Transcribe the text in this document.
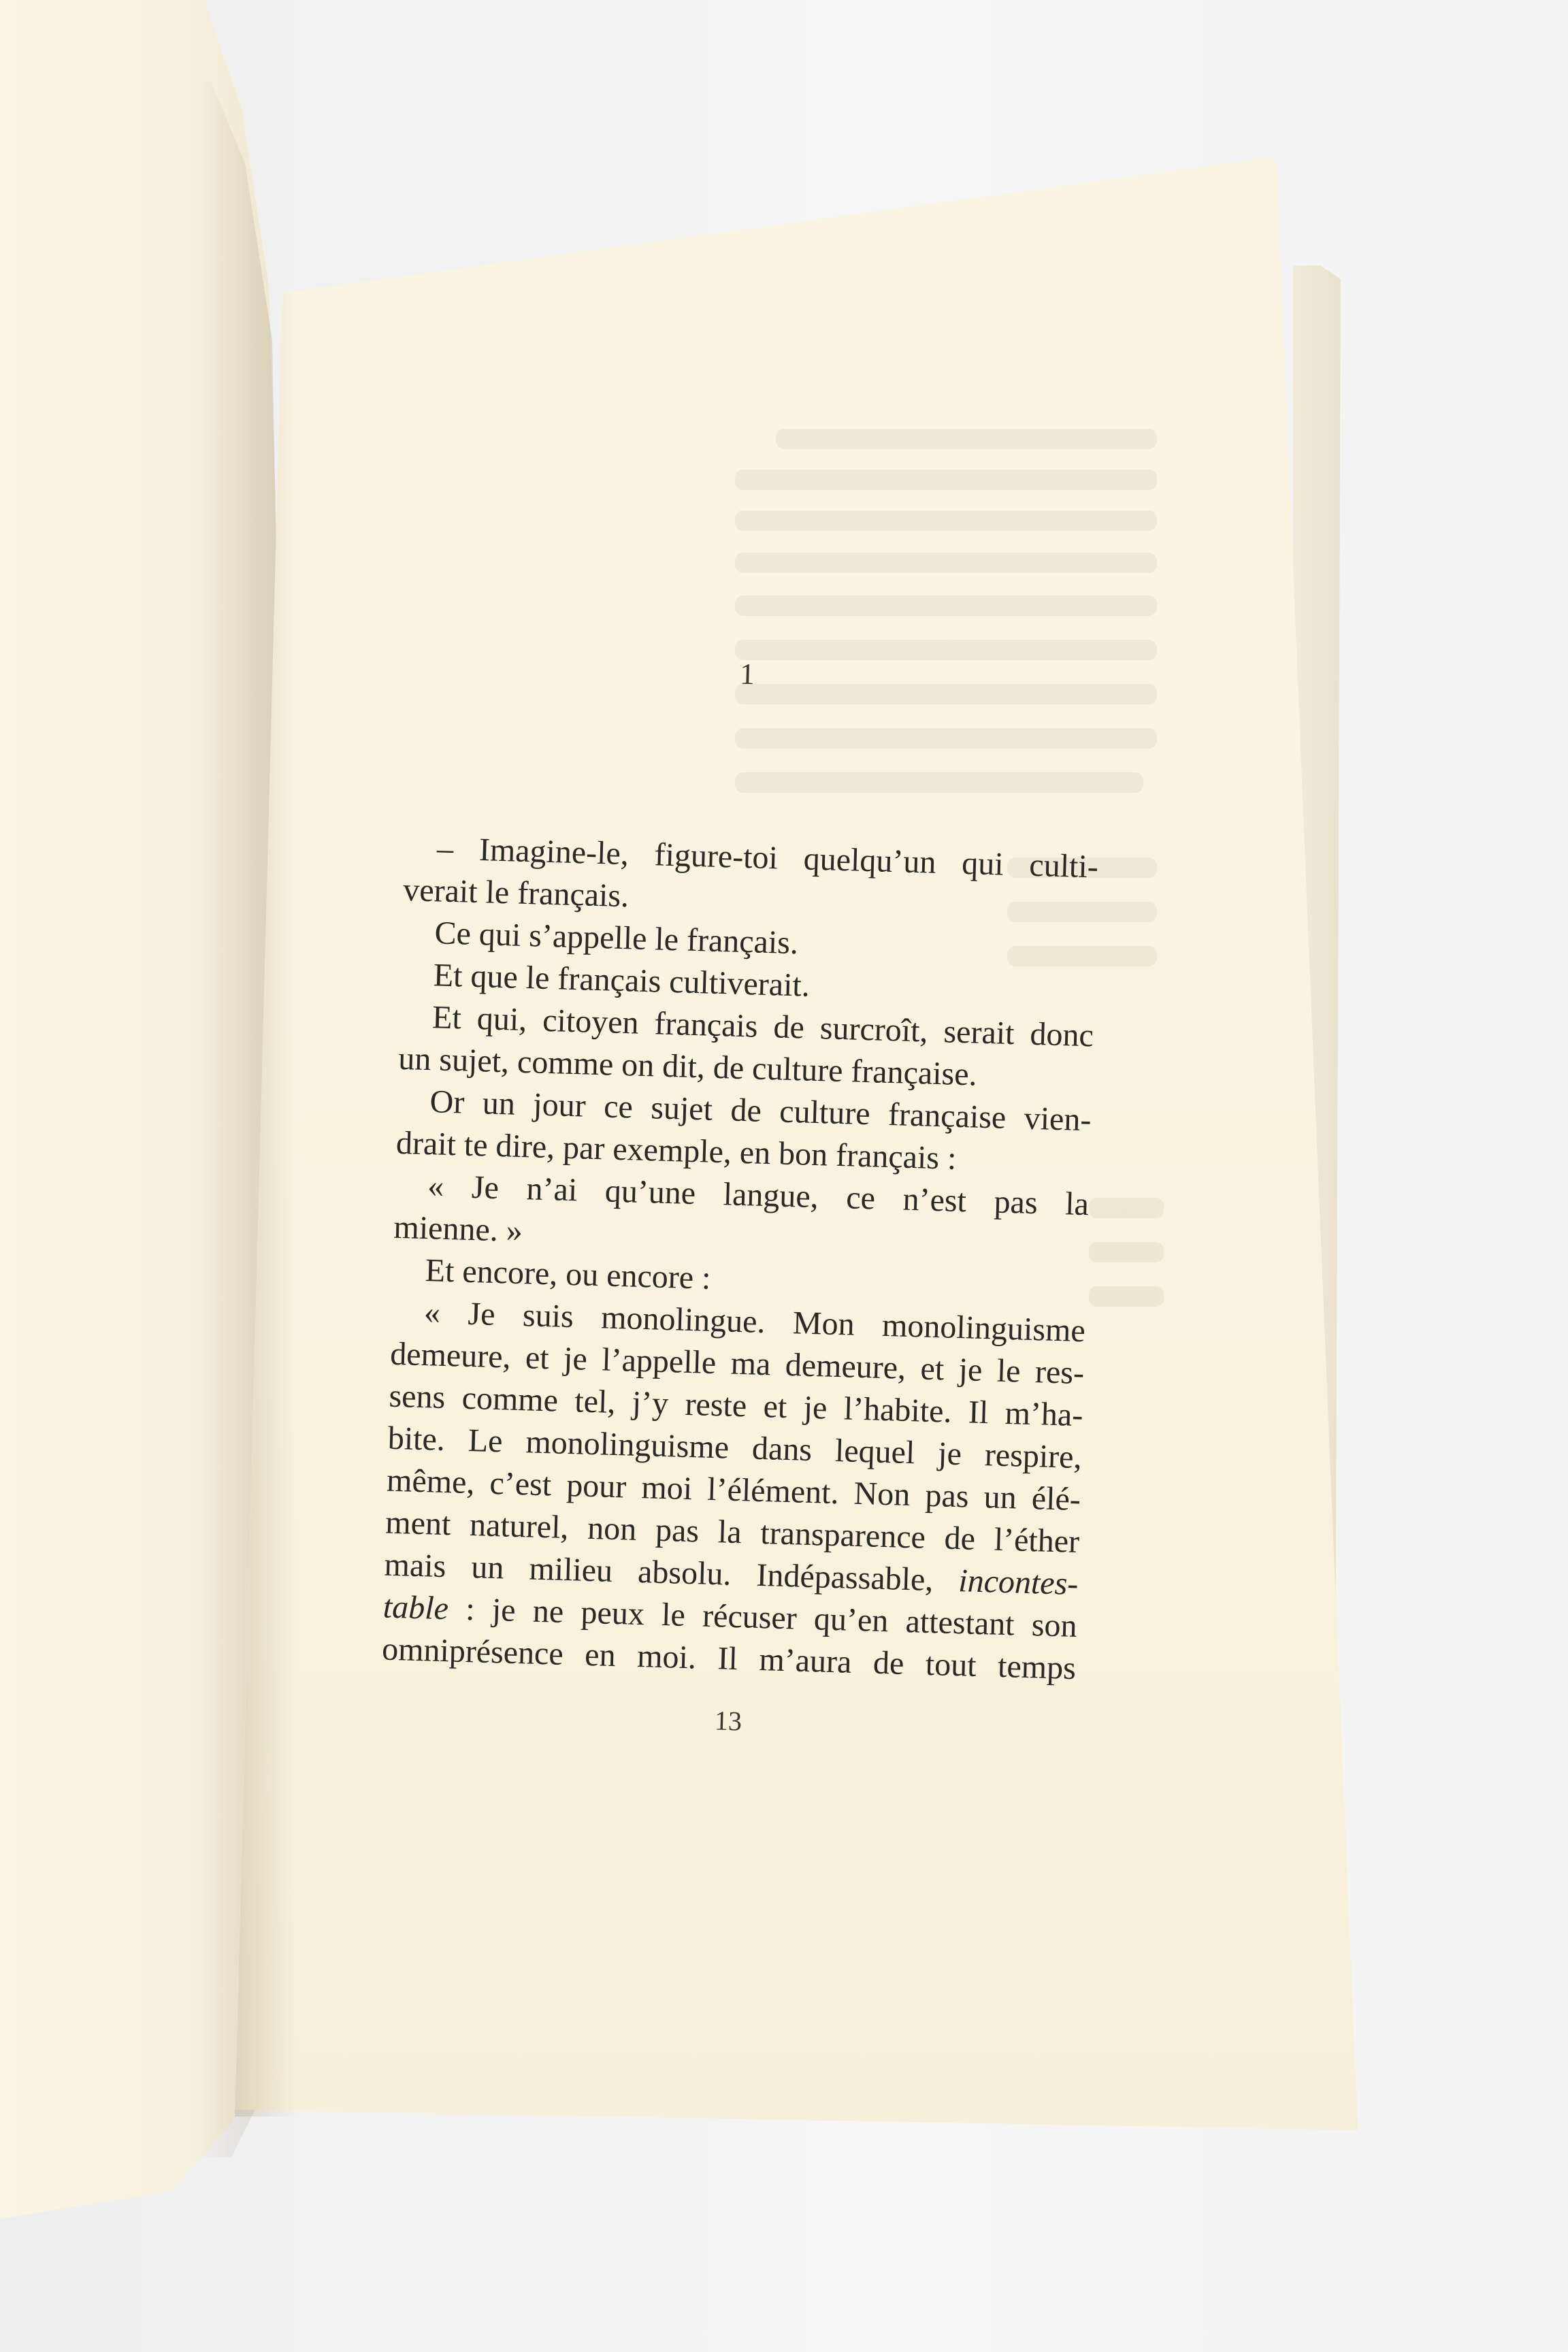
1
– Imagine-le, figure-toi quelqu’un qui culti-
verait le français.
Ce qui s’appelle le français.
Et que le français cultiverait.
Et qui, citoyen français de surcroît, serait donc
un sujet, comme on dit, de culture française.
Or un jour ce sujet de culture française vien-
drait te dire, par exemple, en bon français :
« Je n’ai qu’une langue, ce n’est pas la
mienne. »
Et encore, ou encore :
« Je suis monolingue. Mon monolinguisme
demeure, et je l’appelle ma demeure, et je le res-
sens comme tel, j’y reste et je l’habite. Il m’ha-
bite. Le monolinguisme dans lequel je respire,
même, c’est pour moi l’élément. Non pas un élé-
ment naturel, non pas la transparence de l’éther
mais un milieu absolu. Indépassable, incontes-
table : je ne peux le récuser qu’en attestant son
omniprésence en moi. Il m’aura de tout temps
13
